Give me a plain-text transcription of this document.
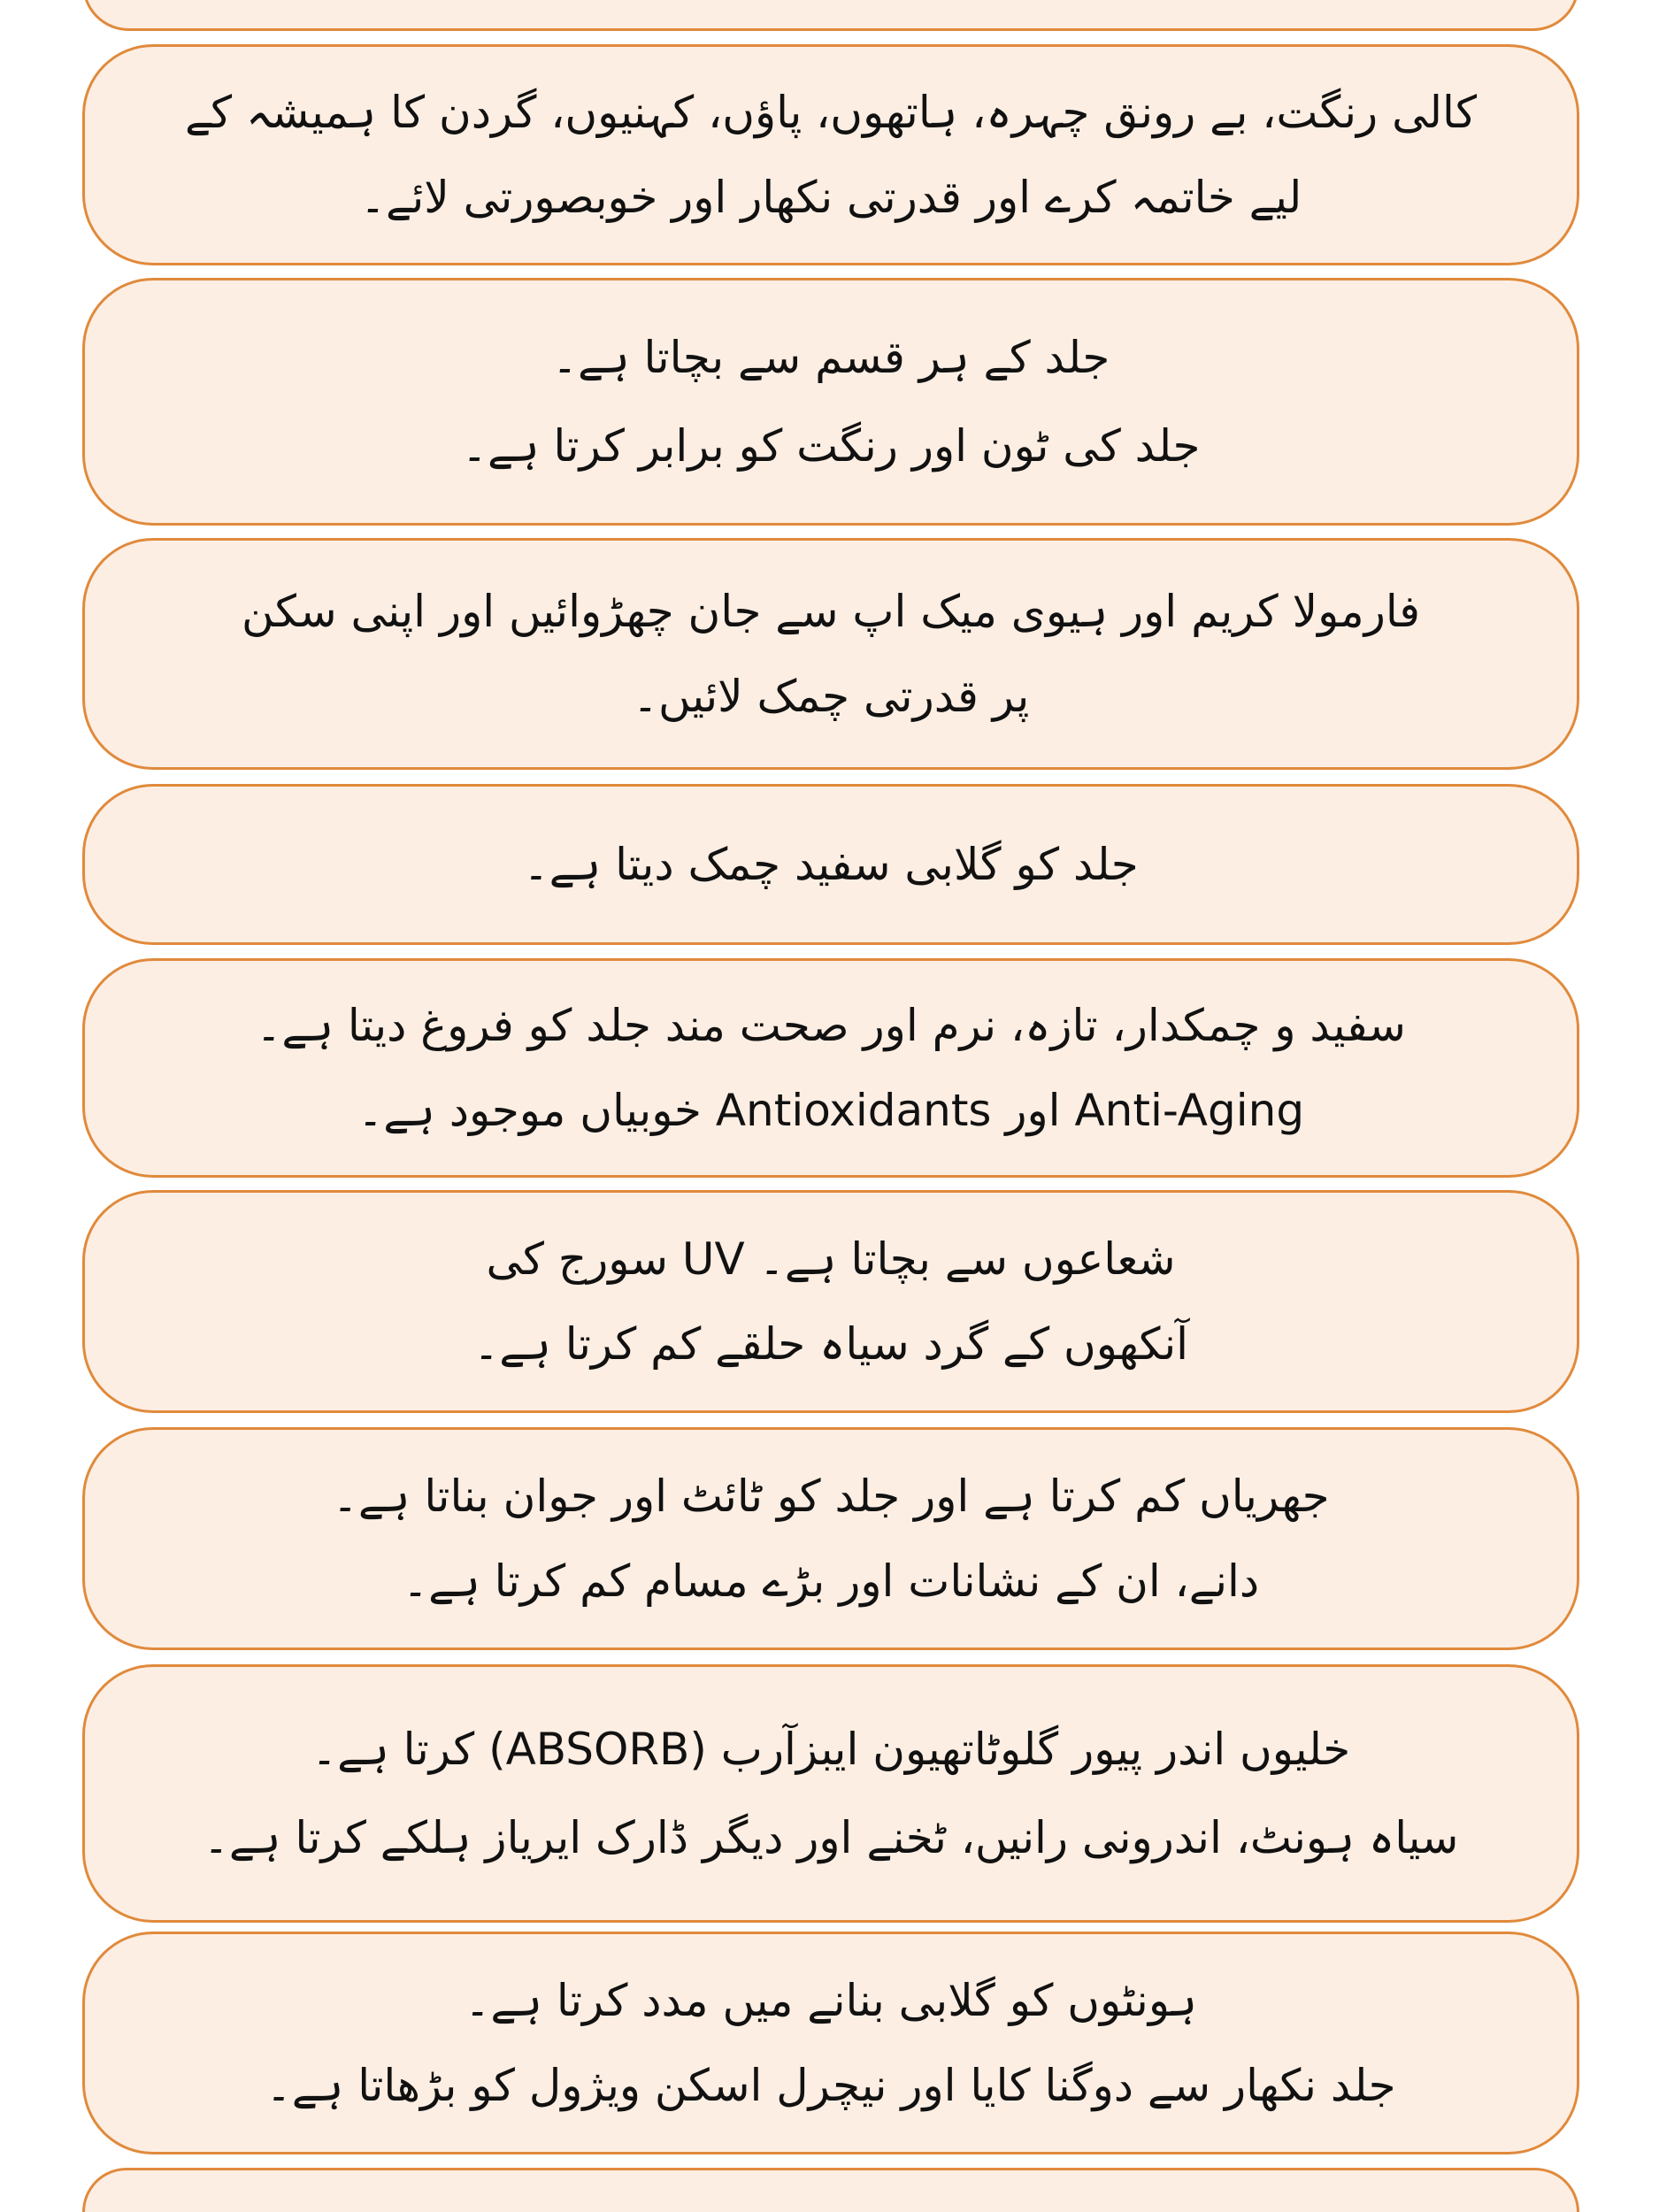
کالی رنگت، بے رونق چہرہ، ہاتھوں، پاؤں، کہنیوں، گردن کا ہمیشہ کے
لیے خاتمہ کرے اور قدرتی نکھار اور خوبصورتی لائے۔
جلد کے ہر قسم سے بچاتا ہے۔
جلد کی ٹون اور رنگت کو برابر کرتا ہے۔
فارمولا کریم اور ہیوی میک اپ سے جان چھڑوائیں اور اپنی سکن
پر قدرتی چمک لائیں۔
جلد کو گلابی سفید چمک دیتا ہے۔
سفید و چمکدار، تازہ، نرم اور صحت مند جلد کو فروغ دیتا ہے۔
Anti-Aging اور Antioxidants خوبیاں موجود ہے۔
شعاعوں سے بچاتا ہے۔ UV سورج کی
آنکھوں کے گرد سیاہ حلقے کم کرتا ہے۔
جھریاں کم کرتا ہے اور جلد کو ٹائٹ اور جوان بناتا ہے۔
دانے، ان کے نشانات اور بڑے مسام کم کرتا ہے۔
خلیوں اندر پیور گلوٹاتھیون ایبزآرب (ABSORB) کرتا ہے۔
سیاہ ہونٹ، اندرونی رانیں، ٹخنے اور دیگر ڈارک ایریاز ہلکے کرتا ہے۔
ہونٹوں کو گلابی بنانے میں مدد کرتا ہے۔
جلد نکھار سے دوگنا کایا اور نیچرل اسکن ویژول کو بڑھاتا ہے۔
